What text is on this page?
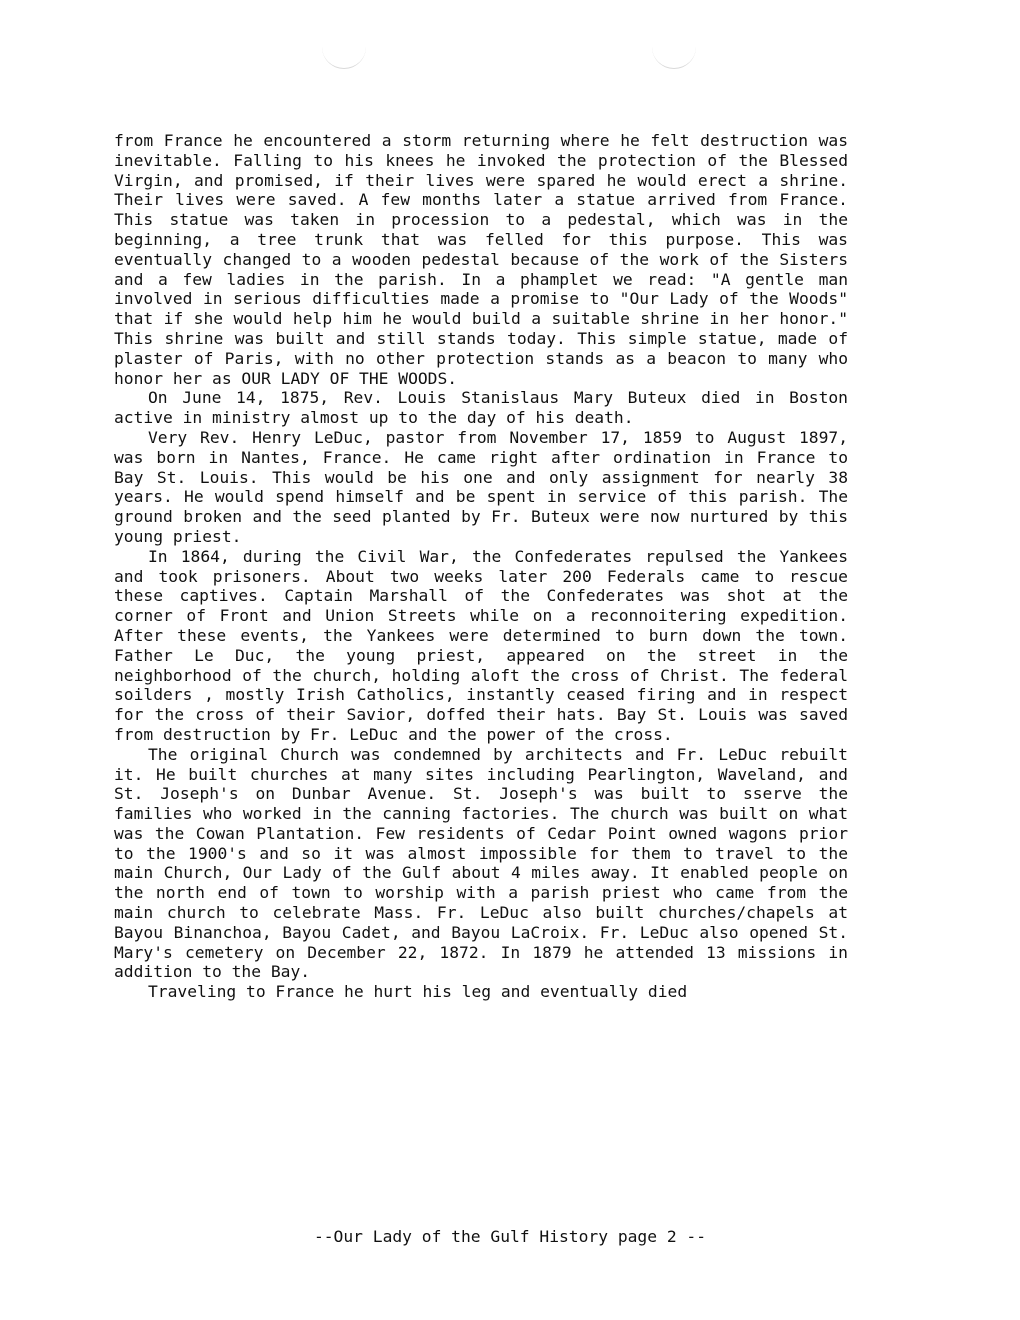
from France he encountered a storm returning where he felt destruction was inevitable. Falling to his knees he invoked the protection of the Blessed Virgin, and promised, if their lives were spared he would erect a shrine. Their lives were saved. A few months later a statue arrived from France. This statue was taken in procession to a pedestal, which was in the beginning, a tree trunk that was felled for this purpose. This was eventually changed to a wooden pedestal because of the work of the Sisters and a few ladies in the parish. In a phamplet we read: "A gentle man involved in serious difficulties made a promise to "Our Lady of the Woods" that if she would help him he would build a suitable shrine in her honor." This shrine was built and still stands today. This simple statue, made of plaster of Paris, with no other protection stands as a beacon to many who honor her as OUR LADY OF THE WOODS.

On June 14, 1875, Rev. Louis Stanislaus Mary Buteux died in Boston active in ministry almost up to the day of his death.

Very Rev. Henry LeDuc, pastor from November 17, 1859 to August 1897, was born in Nantes, France. He came right after ordination in France to Bay St. Louis. This would be his one and only assignment for nearly 38 years. He would spend himself and be spent in service of this parish. The ground broken and the seed planted by Fr. Buteux were now nurtured by this young priest.

In 1864, during the Civil War, the Confederates repulsed the Yankees and took prisoners. About two weeks later 200 Federals came to rescue these captives. Captain Marshall of the Confederates was shot at the corner of Front and Union Streets while on a reconnoitering expedition. After these events, the Yankees were determined to burn down the town. Father Le Duc, the young priest, appeared on the street in the neighborhood of the church, holding aloft the cross of Christ. The federal soilders , mostly Irish Catholics, instantly ceased firing and in respect for the cross of their Savior, doffed their hats. Bay St. Louis was saved from destruction by Fr. LeDuc and the power of the cross.

The original Church was condemned by architects and Fr. LeDuc rebuilt it. He built churches at many sites including Pearlington, Waveland, and St. Joseph's on Dunbar Avenue. St. Joseph's was built to sserve the families who worked in the canning factories. The church was built on what was the Cowan Plantation. Few residents of Cedar Point owned wagons prior to the 1900's and so it was almost impossible for them to travel to the main Church, Our Lady of the Gulf about 4 miles away. It enabled people on the north end of town to worship with a parish priest who came from the main church to celebrate Mass. Fr. LeDuc also built churches/chapels at Bayou Binanchoa, Bayou Cadet, and Bayou LaCroix. Fr. LeDuc also opened St. Mary's cemetery on December 22, 1872. In 1879 he attended 13 missions in addition to the Bay.

Traveling to France he hurt his leg and eventually died

--Our Lady of the Gulf History page 2 --
